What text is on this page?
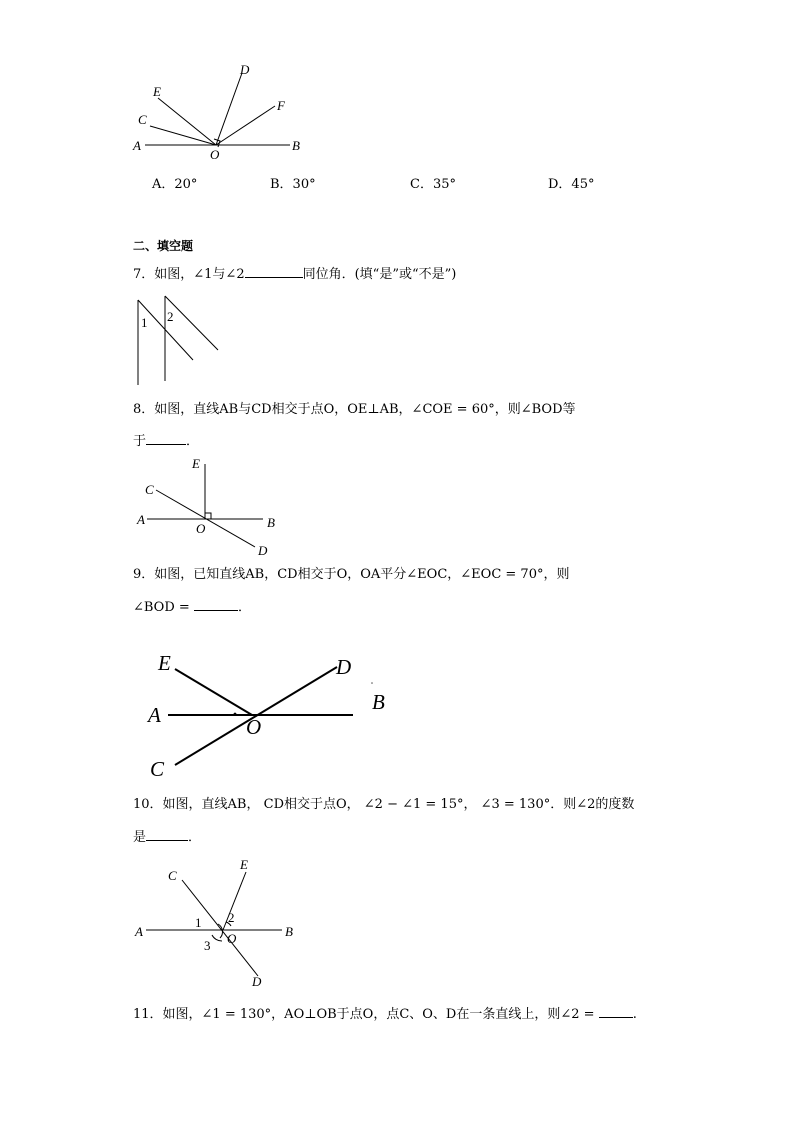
A	B
C
D
E
F
O
A．20°	B．30°	C．35°	D．45°
二、填空题
7．如图，∠1与∠2	同位角．(填“是”或“不是”)
1 2
8．如图，直线AB与CD相交于点O，OE⊥AB，∠COE = 60°，则∠BOD等
于	．
A	B
C
D
E
O
9．如图，已知直线AB，CD相交于O，OA平分∠EOC，∠EOC = 70°，则
∠BOD =	．
A
B
C
D
E
O
10．如图，直线AB， CD相交于点O， ∠2 − ∠1 = 15°， ∠3 = 130°．则∠2的度数
是	．
A	B
C
D
E
O
1 2
3
11．如图，∠1 = 130°，AO⊥OB于点O，点C、O、D在一条直线上，则∠2 =	.
